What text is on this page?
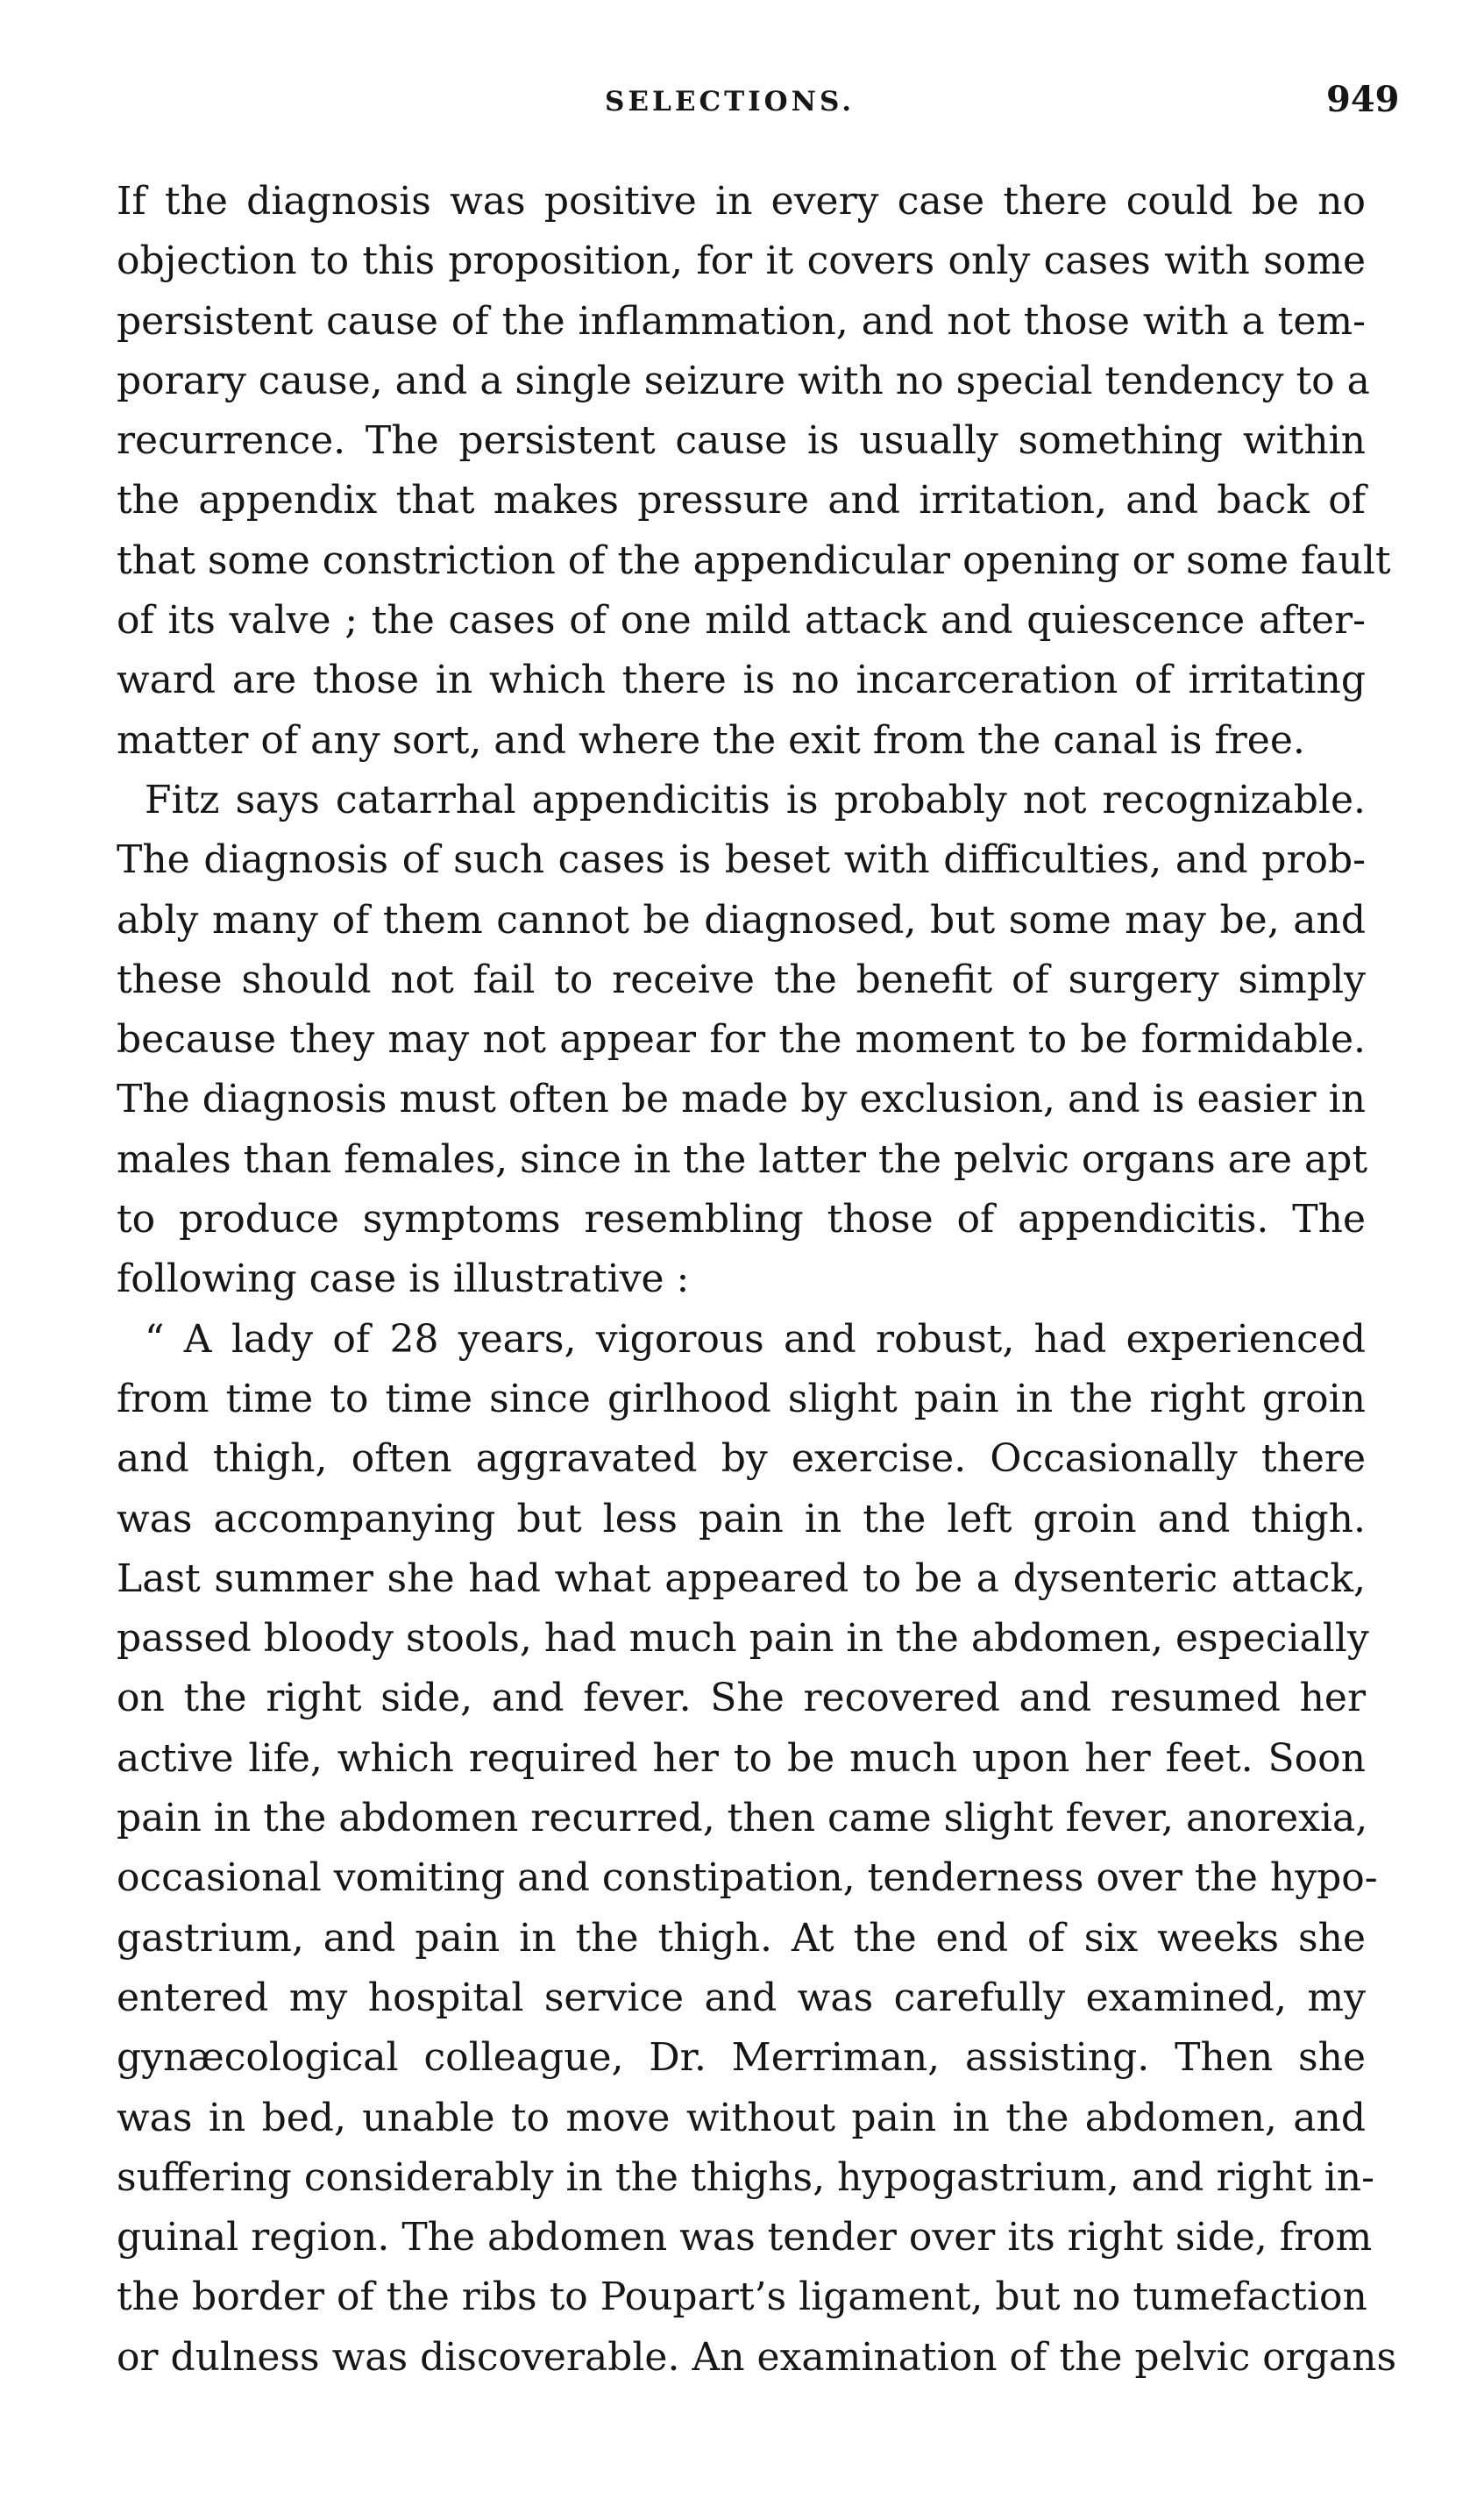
SELECTIONS.	949
If the diagnosis was positive in every case there could be no
objection to this proposition, for it covers only cases with some
persistent cause of the inflammation, and not those with a tem-
porary cause, and a single seizure with no special tendency to a
recurrence. The persistent cause is usually something within
the appendix that makes pressure and irritation, and back of
that some constriction of the appendicular opening or some fault
of its valve ; the cases of one mild attack and quiescence after-
ward are those in which there is no incarceration of irritating
matter of any sort, and where the exit from the canal is free.
Fitz says catarrhal appendicitis is probably not recognizable.
The diagnosis of such cases is beset with difficulties, and prob-
ably many of them cannot be diagnosed, but some may be, and
these should not fail to receive the benefit of surgery simply
because they may not appear for the moment to be formidable.
The diagnosis must often be made by exclusion, and is easier in
males than females, since in the latter the pelvic organs are apt
to produce symptoms resembling those of appendicitis. The
following case is illustrative :
“ A lady of 28 years, vigorous and robust, had experienced
from time to time since girlhood slight pain in the right groin
and thigh, often aggravated by exercise. Occasionally there
was accompanying but less pain in the left groin and thigh.
Last summer she had what appeared to be a dysenteric attack,
passed bloody stools, had much pain in the abdomen, especially
on the right side, and fever. She recovered and resumed her
active life, which required her to be much upon her feet. Soon
pain in the abdomen recurred, then came slight fever, anorexia,
occasional vomiting and constipation, tenderness over the hypo-
gastrium, and pain in the thigh. At the end of six weeks she
entered my hospital service and was carefully examined, my
gynæcological colleague, Dr. Merriman, assisting. Then she
was in bed, unable to move without pain in the abdomen, and
suffering considerably in the thighs, hypogastrium, and right in-
guinal region. The abdomen was tender over its right side, from
the border of the ribs to Poupart’s ligament, but no tumefaction
or dulness was discoverable. An examination of the pelvic organs
